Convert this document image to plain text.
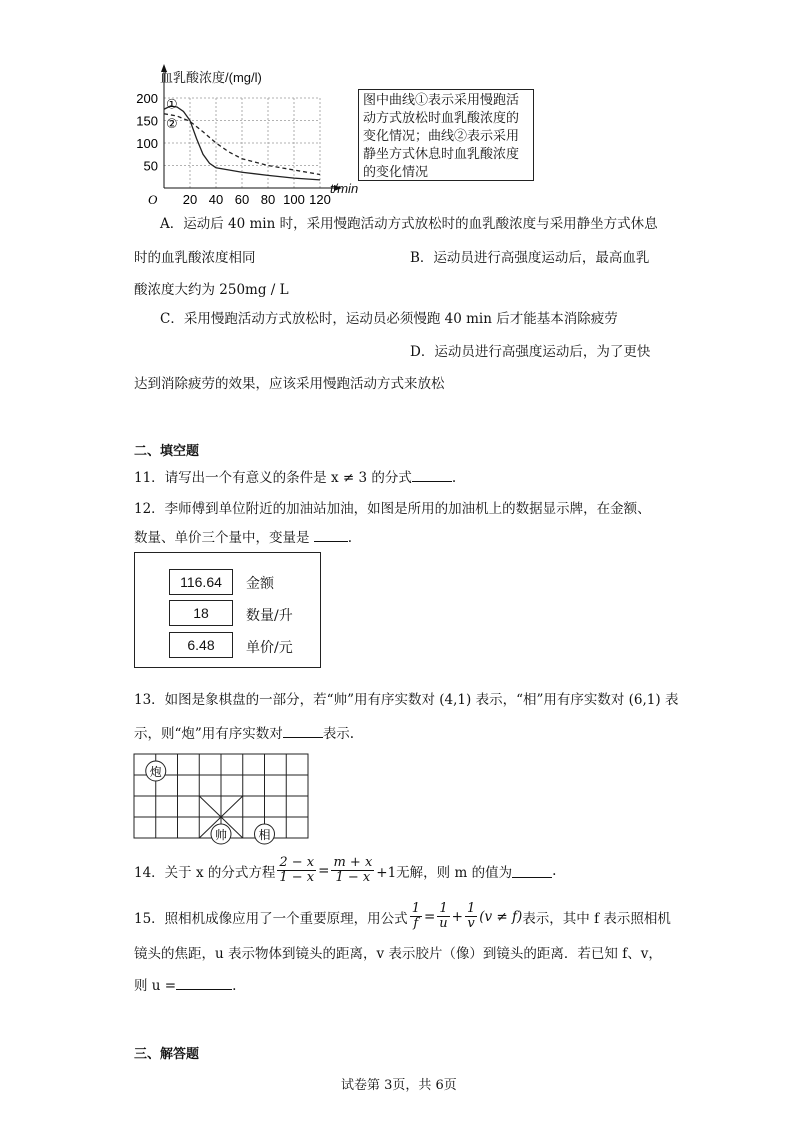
20 40 60 80 100 120
200
150
100
50
O
①
②
血乳酸浓度/(mg/l)
t/min
图中曲线①表示采用慢跑活动方式放松时血乳酸浓度的变化情况；曲线②表示采用静坐方式休息时血乳酸浓度的变化情况
A．运动后 40 min 时，采用慢跑活动方式放松时的血乳酸浓度与采用静坐方式休息
时的血乳酸浓度相同	B．运动员进行高强度运动后，最高血乳
酸浓度大约为 250mg / L
C．采用慢跑活动方式放松时，运动员必须慢跑 40 min 后才能基本消除疲劳
D．运动员进行高强度运动后，为了更快
达到消除疲劳的效果，应该采用慢跑活动方式来放松
二、填空题
11．请写出一个有意义的条件是 x ≠ 3 的分式	.
12．李师傅到单位附近的加油站加油，如图是所用的加油机上的数据显示牌，在金额、
数量、单价三个量中，变量是	.
116.64	金额
18	数量/升
6.48	单价/元
13．如图是象棋盘的一部分，若“帅”用有序实数对 (4,1) 表示，“相”用有序实数对 (6,1) 表
示，则“炮”用有序实数对	表示.
炮
帅	相
14．关于 x 的分式方程 $\frac{2 - x}{1 - x} = \frac{m + x}{1 - x} +1$无解，则 m 的值为	.
15．照相机成像应用了一个重要原理，用公式 $\frac{1}{f} = \frac{1}{u} + \frac{1}{v} (v \ne f)$ 表示，其中 f 表示照相机
镜头的焦距，u 表示物体到镜头的距离，v 表示胶片（像）到镜头的距离．若已知 f、v，
则 u =	.
三、解答题
试卷第 3页，共 6页
